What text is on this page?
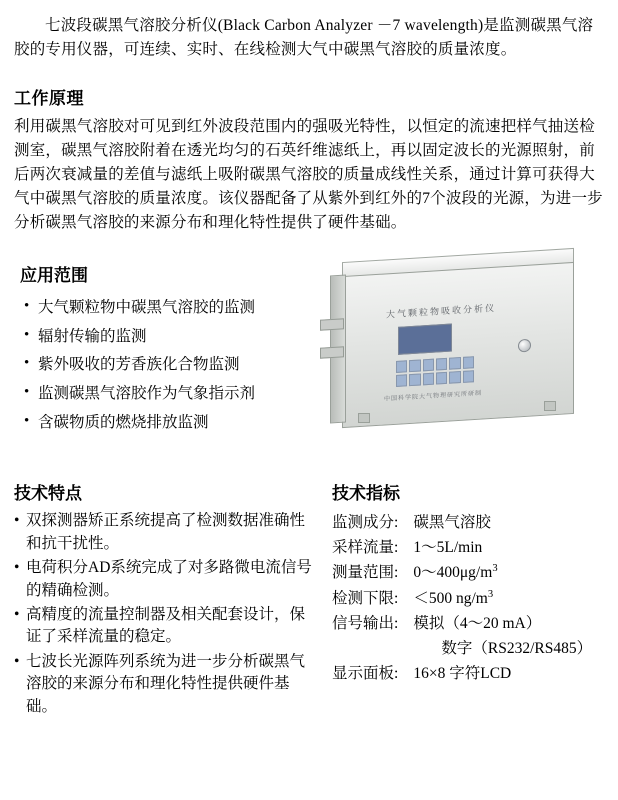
七波段碳黑气溶胶分析仪(Black Carbon Analyzer －7 wavelength)是监测碳黑气溶胶的专用仪器，可连续、实时、在线检测大气中碳黑气溶胶的质量浓度。

工作原理

利用碳黑气溶胶对可见到红外波段范围内的强吸光特性，以恒定的流速把样气抽送检测室，碳黑气溶胶附着在透光均匀的石英纤维滤纸上，再以固定波长的光源照射，前后两次衰减量的差值与滤纸上吸附碳黑气溶胶的质量成线性关系，通过计算可获得大气中碳黑气溶胶的质量浓度。该仪器配备了从紫外到红外的7个波段的光源，为进一步分析碳黑气溶胶的来源分布和理化特性提供了硬件基础。

应用范围
• 大气颗粒物中碳黑气溶胶的监测
• 辐射传输的监测
• 紫外吸收的芳香族化合物监测
• 监测碳黑气溶胶作为气象指示剂
• 含碳物质的燃烧排放监测
大气颗粒物吸收分析仪
中国科学院大气物理研究所研制
技术特点
• 双探测器矫正系统提高了检测数据准确性和抗干扰性。
• 电荷积分AD系统完成了对多路微电流信号的精确检测。
• 高精度的流量控制器及相关配套设计，保证了采样流量的稳定。
• 七波长光源阵列系统为进一步分析碳黑气溶胶的来源分布和理化特性提供硬件基础。
技术指标
监测成分:	碳黑气溶胶
采样流量:	1～5L/min
测量范围:	$0\sim 400\mu g/m^3$
检测下限:	＜500 $ng/m^3$
信号输出:	模拟（4～20 mA）
	数字（RS232/RS485）
显示面板:	16×8 字符LCD
